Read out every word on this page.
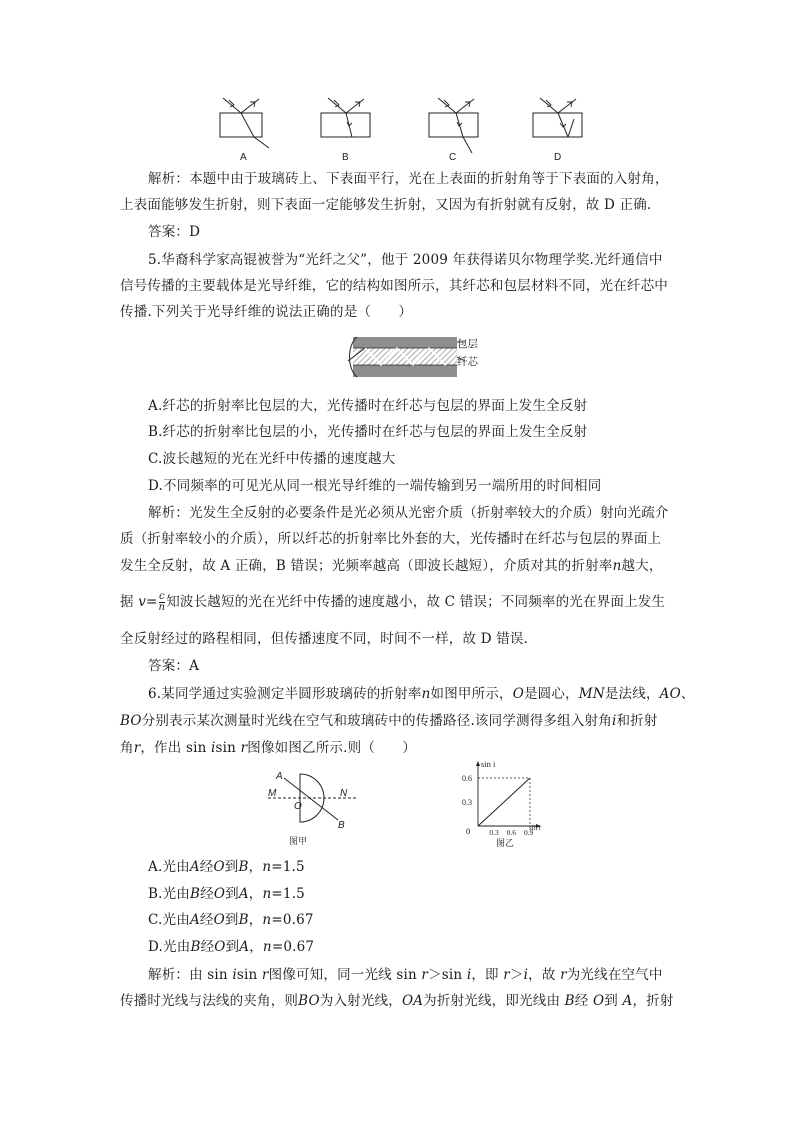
A	B	C	D
解析：本题中由于玻璃砖上、下表面平行，光在上表面的折射角等于下表面的入射角，
上表面能够发生折射，则下表面一定能够发生折射，又因为有折射就有反射，故 D 正确.
答案：D
5.华裔科学家高锟被誉为“光纤之父”，他于 2009 年获得诺贝尔物理学奖.光纤通信中
信号传播的主要载体是光导纤维，它的结构如图所示，其纤芯和包层材料不同，光在纤芯中
传播.下列关于光导纤维的说法正确的是（　　）
包层
纤芯
A.纤芯的折射率比包层的大，光传播时在纤芯与包层的界面上发生全反射
B.纤芯的折射率比包层的小，光传播时在纤芯与包层的界面上发生全反射
C.波长越短的光在光纤中传播的速度越大
D.不同频率的可见光从同一根光导纤维的一端传输到另一端所用的时间相同
解析：光发生全反射的必要条件是光必须从光密介质（折射率较大的介质）射向光疏介
质（折射率较小的介质），所以纤芯的折射率比外套的大，光传播时在纤芯与包层的界面上
发生全反射，故 A 正确，B 错误；光频率越高（即波长越短），介质对其的折射率n越大，
据 $v= \frac{c}{n}$ 知波长越短的光在光纤中传播的速度越小，故 C 错误；不同频率的光在界面上发生
全反射经过的路程相同，但传播速度不同，时间不一样，故 D 错误.
答案：A
6.某同学通过实验测定半圆形玻璃砖的折射率n如图甲所示，O是圆心，MN是法线，AO、
BO分别表示某次测量时光线在空气和玻璃砖中的传播路径.该同学测得多组入射角i和折射
角r，作出 sin isin r图像如图乙所示.则（　　）
A
M
O
N
B
图甲
sin i
sin r
0
图乙
0.6
0.3
0.3 0.6 0.9
A.光由A经O到B，n=1.5
B.光由B经O到A，n=1.5
C.光由A经O到B，n=0.67
D.光由B经O到A，n=0.67
解析：由 sin isin r图像可知，同一光线 sin r＞sin i，即 r＞i，故 r为光线在空气中
传播时光线与法线的夹角，则BO为入射光线，OA为折射光线，即光线由 B经 O到 A，折射
